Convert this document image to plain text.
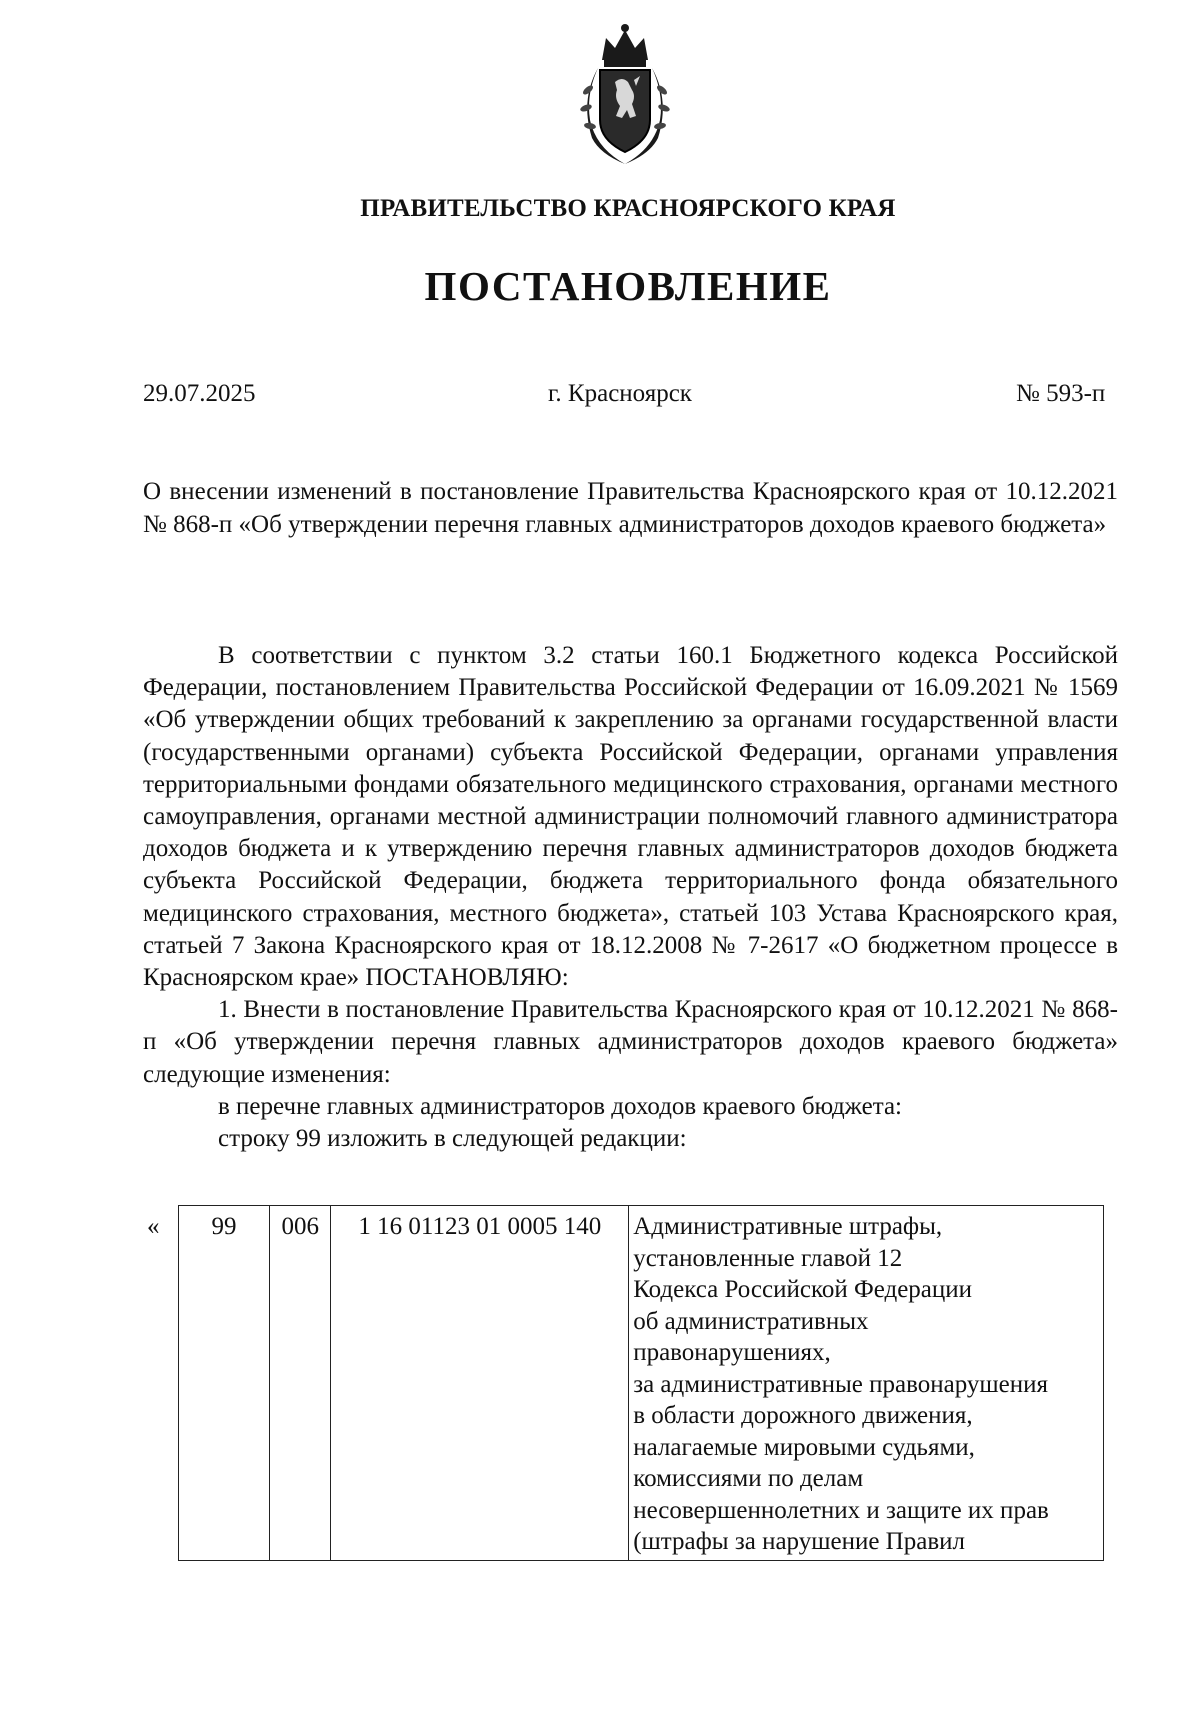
ПРАВИТЕЛЬСТВО КРАСНОЯРСКОГО КРАЯ
ПОСТАНОВЛЕНИЕ
29.07.2025	г. Красноярск	№ 593-п
О внесении изменений в постановление Правительства Красноярского края от 10.12.2021 № 868-п «Об утверждении перечня главных администраторов доходов краевого бюджета»

В соответствии с пунктом 3.2 статьи 160.1 Бюджетного кодекса Российской Федерации, постановлением Правительства Российской Федерации от 16.09.2021 № 1569 «Об утверждении общих требований к закреплению за органами государственной власти (государственными органами) субъекта Российской Федерации, органами управления территориальными фондами обязательного медицинского страхования, органами местного самоуправления, органами местной администрации полномочий главного администратора доходов бюджета и к утверждению перечня главных администраторов доходов бюджета субъекта Российской Федерации, бюджета территориального фонда обязательного медицинского страхования, местного бюджета», статьей 103 Устава Красноярского края, статьей 7 Закона Красноярского края от 18.12.2008 № 7-2617 «О бюджетном процессе в Красноярском крае» ПОСТАНОВЛЯЮ:

1. Внести в постановление Правительства Красноярского края от 10.12.2021 № 868-п «Об утверждении перечня главных администраторов доходов краевого бюджета» следующие изменения:

в перечне главных администраторов доходов краевого бюджета:

строку 99 изложить в следующей редакции:

« 99	006	1 16 01123 01 0005 140	Административные штрафы,
установленные главой 12
Кодекса Российской Федерации
об административных
правонарушениях,
за административные правонарушения
в области дорожного движения,
налагаемые мировыми судьями,
комиссиями по делам
несовершеннолетних и защите их прав
(штрафы за нарушение Правил
